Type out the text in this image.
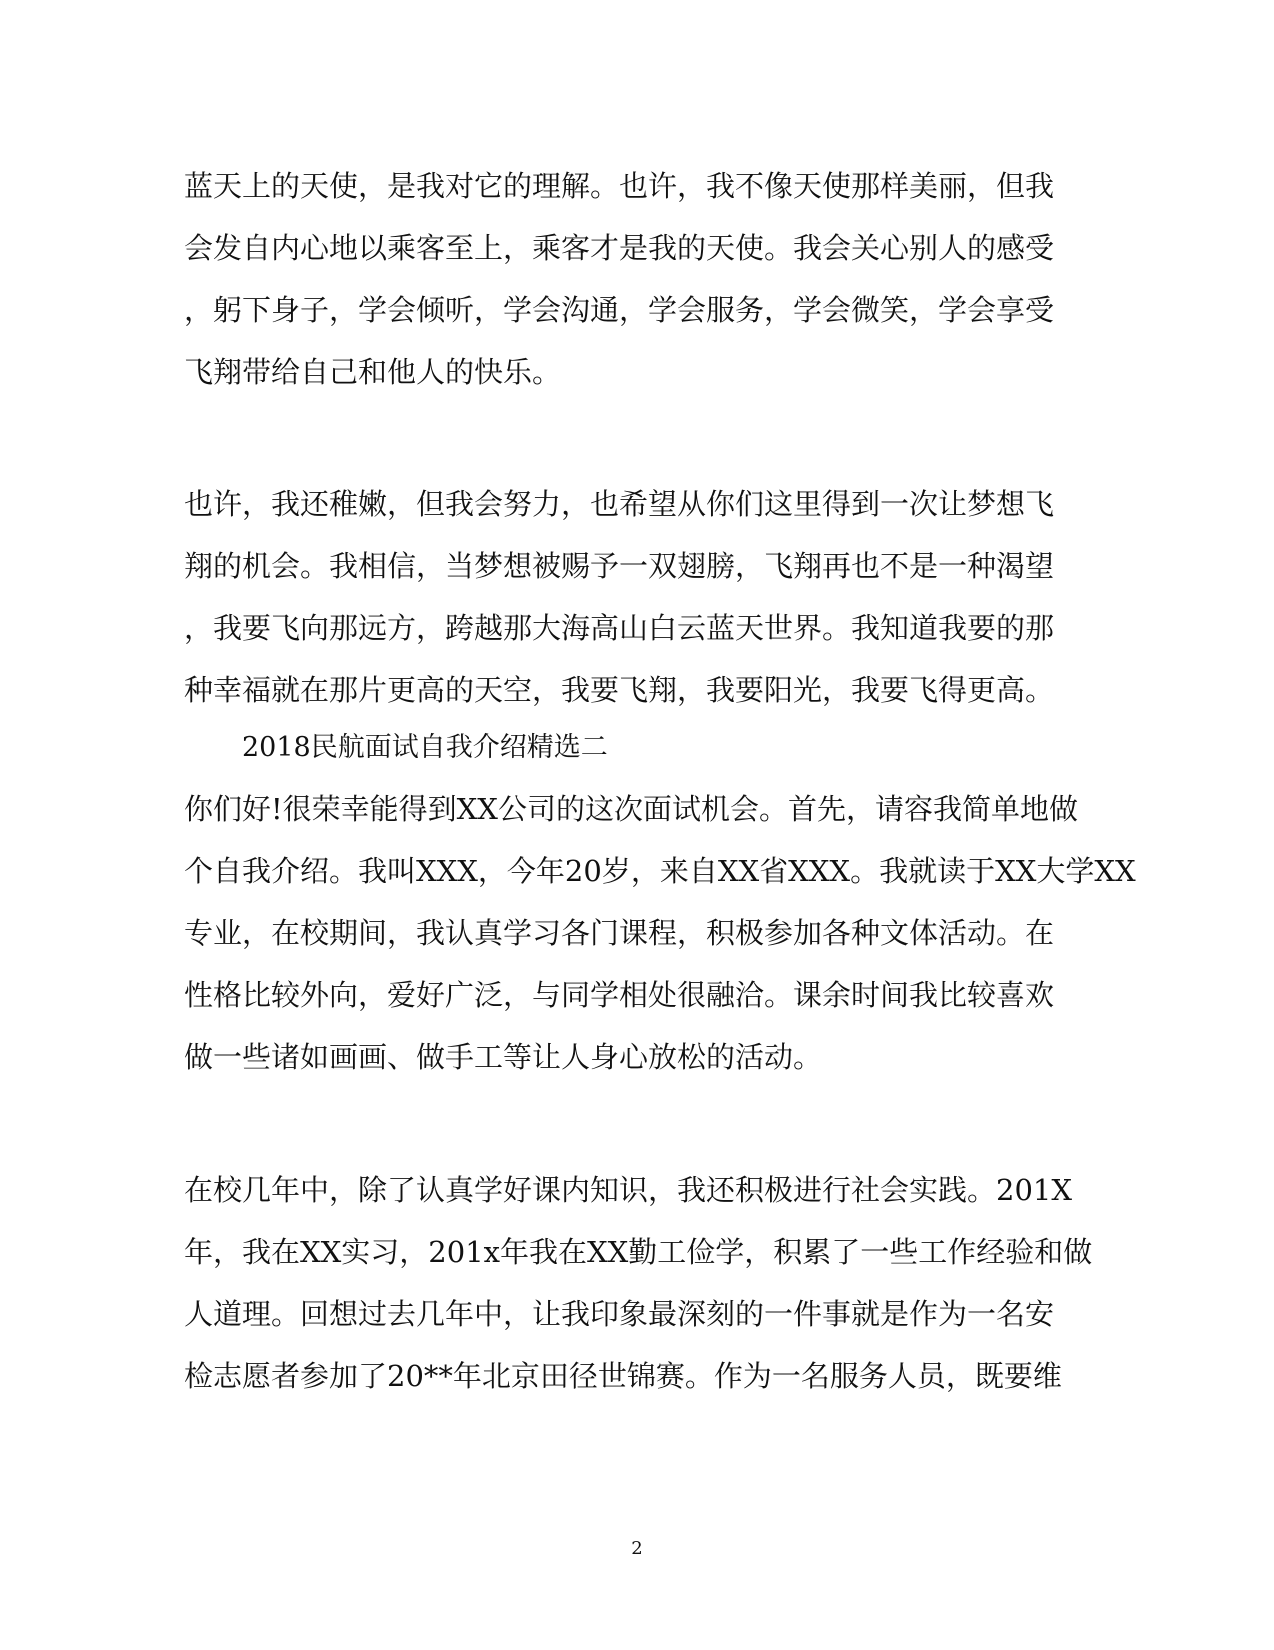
蓝天上的天使，是我对它的理解。也许，我不像天使那样美丽，但我
会发自内心地以乘客至上，乘客才是我的天使。我会关心别人的感受
，躬下身子，学会倾听，学会沟通，学会服务，学会微笑，学会享受
飞翔带给自己和他人的快乐。
也许，我还稚嫩，但我会努力，也希望从你们这里得到一次让梦想飞
翔的机会。我相信，当梦想被赐予一双翅膀，飞翔再也不是一种渴望
，我要飞向那远方，跨越那大海高山白云蓝天世界。我知道我要的那
种幸福就在那片更高的天空，我要飞翔，我要阳光，我要飞得更高。
2018民航面试自我介绍精选二
你们好!很荣幸能得到XX公司的这次面试机会。首先，请容我简单地做
个自我介绍。我叫XXX，今年20岁，来自XX省XXX。我就读于XX大学XX
专业，在校期间，我认真学习各门课程，积极参加各种文体活动。在
性格比较外向，爱好广泛，与同学相处很融洽。课余时间我比较喜欢
做一些诸如画画、做手工等让人身心放松的活动。
在校几年中，除了认真学好课内知识，我还积极进行社会实践。201X
年，我在XX实习，201x年我在XX勤工俭学，积累了一些工作经验和做
人道理。回想过去几年中，让我印象最深刻的一件事就是作为一名安
检志愿者参加了20**年北京田径世锦赛。作为一名服务人员，既要维
2
